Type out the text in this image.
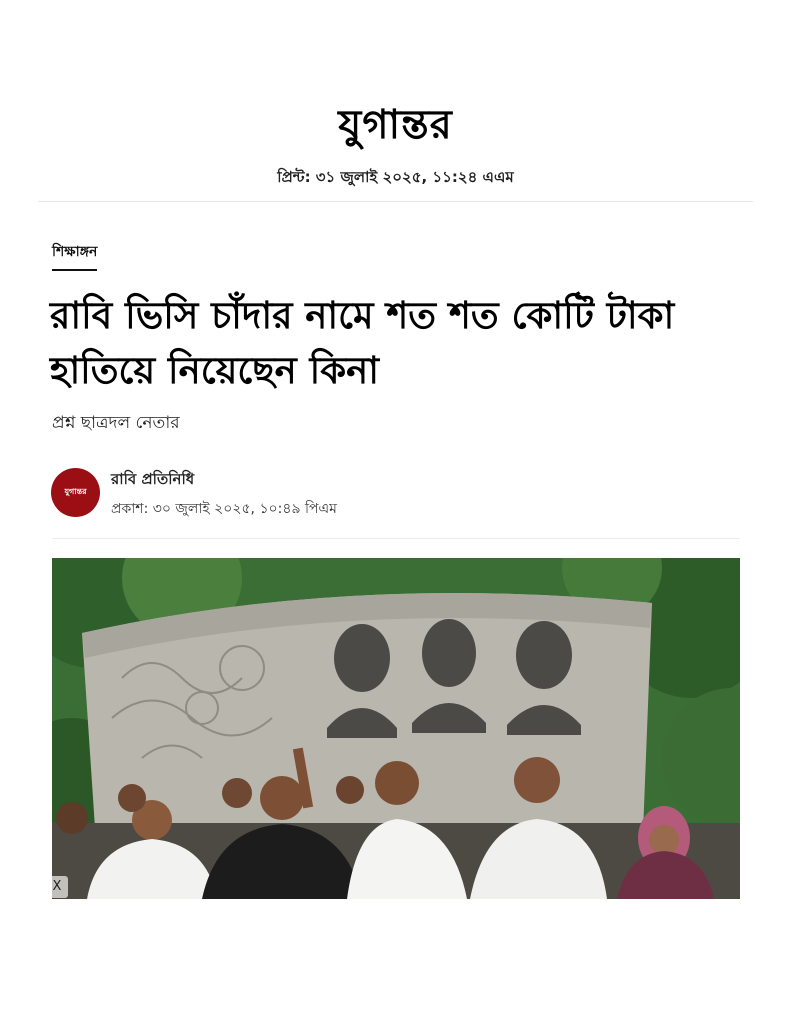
যুগান্তর
প্রিন্ট: ৩১ জুলাই ২০২৫, ১১:২৪ এএম
শিক্ষাঙ্গন
রাবি ভিসি চাঁদার নামে শত শত কোটি টাকা
হাতিয়ে নিয়েছেন কিনা
প্রশ্ন ছাত্রদল নেতার
যুগান্তর
রাবি প্রতিনিধি
প্রকাশ: ৩০ জুলাই ২০২৫, ১০:৪৯ পিএম
X
